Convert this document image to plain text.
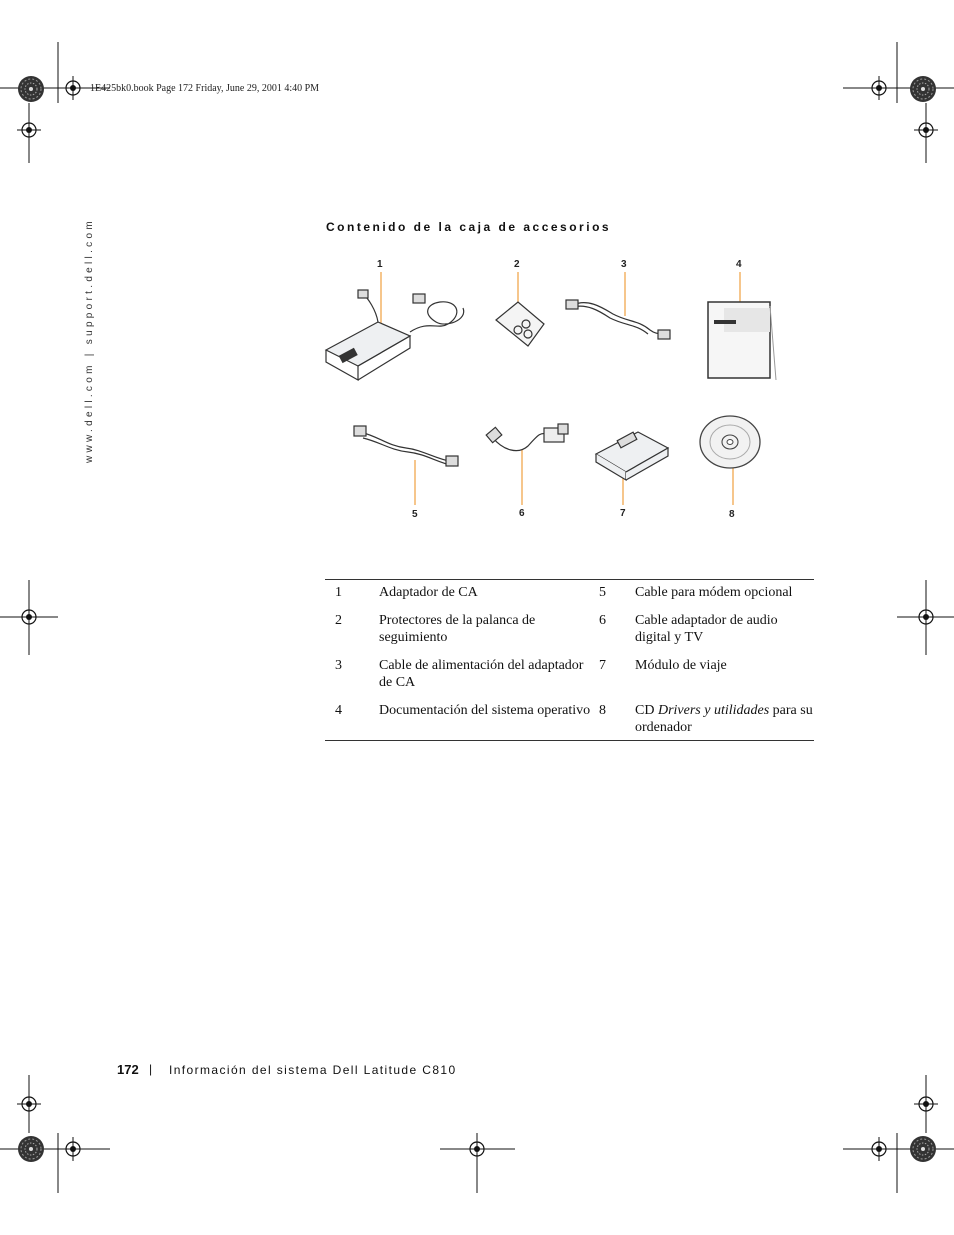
1E425bk0.book Page 172 Friday, June 29, 2001 4:40 PM
www.dell.com | support.dell.com	Contenido de la caja de accesorios
1	2	3	4
5	6	7	8
1	Adaptador de CA	5	Cable para módem opcional
2	Protectores de la palanca de seguimiento	6	Cable adaptador de audio digital y TV
3	Cable de alimentación del adaptador de CA	7	Módulo de viaje
4	Documentación del sistema operativo	8	CD Drivers y utilidades para su ordenador
172 | Información del sistema Dell Latitude C810
